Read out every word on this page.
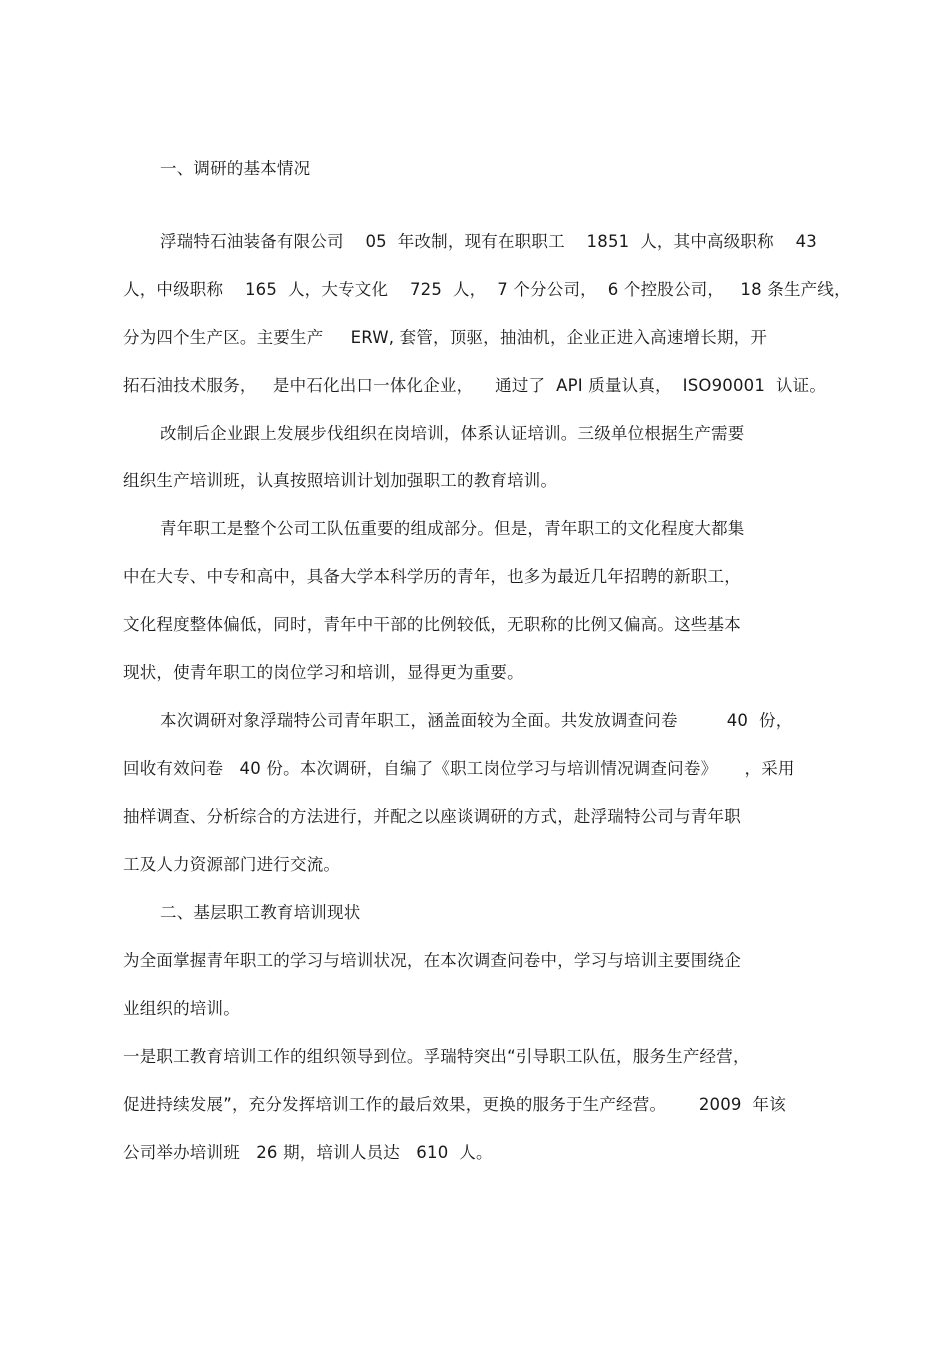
一、调研的基本情况
浮瑞特石油装备有限公司    05  年改制，现有在职职工    1851  人，其中高级职称    43
人，中级职称    165  人，大专文化    725  人，  7 个分公司，  6 个控股公司，   18 条生产线，
分为四个生产区。主要生产     ERW, 套管，顶驱，抽油机，企业正进入高速增长期，开
拓石油技术服务，   是中石化出口一体化企业，    通过了  API 质量认真，  ISO90001  认证。
改制后企业跟上发展步伐组织在岗培训，体系认证培训。三级单位根据生产需要
组织生产培训班，认真按照培训计划加强职工的教育培训。
青年职工是整个公司工队伍重要的组成部分。但是，青年职工的文化程度大都集
中在大专、中专和高中，具备大学本科学历的青年，也多为最近几年招聘的新职工，
文化程度整体偏低，同时，青年中干部的比例较低，无职称的比例又偏高。这些基本
现状，使青年职工的岗位学习和培训，显得更为重要。
本次调研对象浮瑞特公司青年职工，涵盖面较为全面。共发放调查问卷         40  份，
回收有效问卷   40 份。本次调研，自编了《职工岗位学习与培训情况调查问卷》     ，采用
抽样调查、分析综合的方法进行，并配之以座谈调研的方式，赴浮瑞特公司与青年职
工及人力资源部门进行交流。
二、基层职工教育培训现状
为全面掌握青年职工的学习与培训状况，在本次调查问卷中，学习与培训主要围绕企
业组织的培训。
一是职工教育培训工作的组织领导到位。孚瑞特突出“引导职工队伍，服务生产经营，
促进持续发展”，充分发挥培训工作的最后效果，更换的服务于生产经营。      2009  年该
公司举办培训班   26 期，培训人员达   610  人。
